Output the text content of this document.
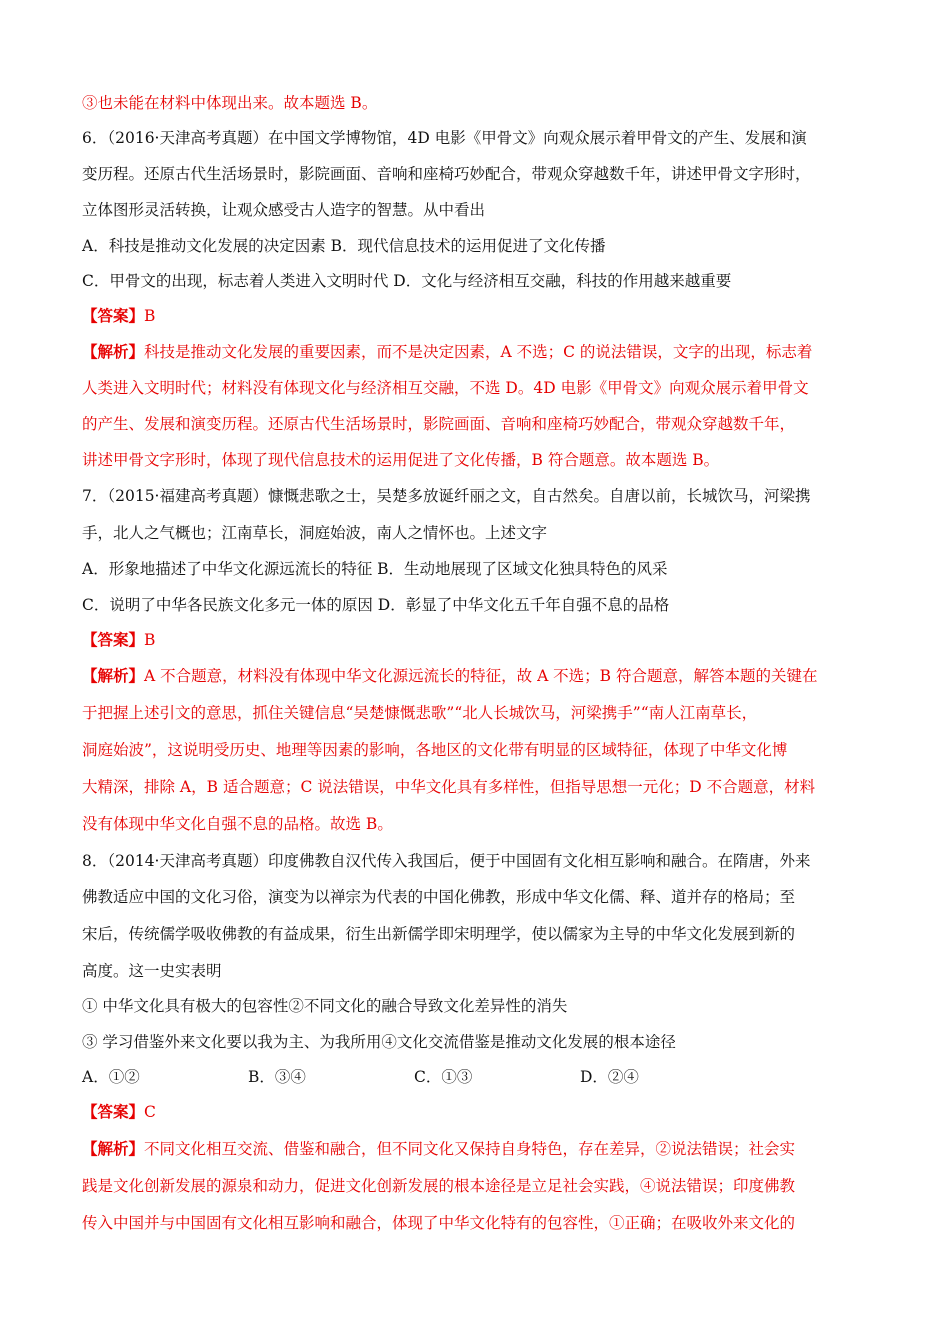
③也未能在材料中体现出来。故本题选 B。
6．（2016·天津高考真题）在中国文学博物馆，4D 电影《甲骨文》向观众展示着甲骨文的产生、发展和演
变历程。还原古代生活场景时，影院画面、音响和座椅巧妙配合，带观众穿越数千年，讲述甲骨文字形时，
立体图形灵活转换，让观众感受古人造字的智慧。从中看出
A．科技是推动文化发展的决定因素 B．现代信息技术的运用促进了文化传播
C．甲骨文的出现，标志着人类进入文明时代 D．文化与经济相互交融，科技的作用越来越重要
【答案】B
【解析】科技是推动文化发展的重要因素，而不是决定因素，A 不选；C 的说法错误，文字的出现，标志着
人类进入文明时代；材料没有体现文化与经济相互交融，不选 D。4D 电影《甲骨文》向观众展示着甲骨文
的产生、发展和演变历程。还原古代生活场景时，影院画面、音响和座椅巧妙配合，带观众穿越数千年，
讲述甲骨文字形时，体现了现代信息技术的运用促进了文化传播，B 符合题意。故本题选 B。
7．（2015·福建高考真题）慷慨悲歌之士，吴楚多放诞纤丽之文，自古然矣。自唐以前，长城饮马，河梁携
手，北人之气概也；江南草长，洞庭始波，南人之情怀也。上述文字
A．形象地描述了中华文化源远流长的特征 B．生动地展现了区域文化独具特色的风采
C．说明了中华各民族文化多元一体的原因 D．彰显了中华文化五千年自强不息的品格
【答案】B
【解析】A 不合题意，材料没有体现中华文化源远流长的特征，故 A 不选；B 符合题意，解答本题的关键在
于把握上述引文的意思，抓住关键信息“吴楚慷慨悲歌”“北人长城饮马，河梁携手”“南人江南草长，
洞庭始波”，这说明受历史、地理等因素的影响，各地区的文化带有明显的区域特征，体现了中华文化博
大精深，排除 A，B 适合题意；C 说法错误，中华文化具有多样性，但指导思想一元化；D 不合题意，材料
没有体现中华文化自强不息的品格。故选 B。
8．（2014·天津高考真题）印度佛教自汉代传入我国后，便于中国固有文化相互影响和融合。在隋唐，外来
佛教适应中国的文化习俗，演变为以禅宗为代表的中国化佛教，形成中华文化儒、释、道并存的格局；至
宋后，传统儒学吸收佛教的有益成果，衍生出新儒学即宋明理学，使以儒家为主导的中华文化发展到新的
高度。这一史实表明
① 中华文化具有极大的包容性②不同文化的融合导致文化差异性的消失
③ 学习借鉴外来文化要以我为主、为我所用④文化交流借鉴是推动文化发展的根本途径
A．①②	B．③④	C．①③	D．②④
【答案】C
【解析】不同文化相互交流、借鉴和融合，但不同文化又保持自身特色，存在差异，②说法错误；社会实
践是文化创新发展的源泉和动力，促进文化创新发展的根本途径是立足社会实践，④说法错误；印度佛教
传入中国并与中国固有文化相互影响和融合，体现了中华文化特有的包容性，①正确；在吸收外来文化的
